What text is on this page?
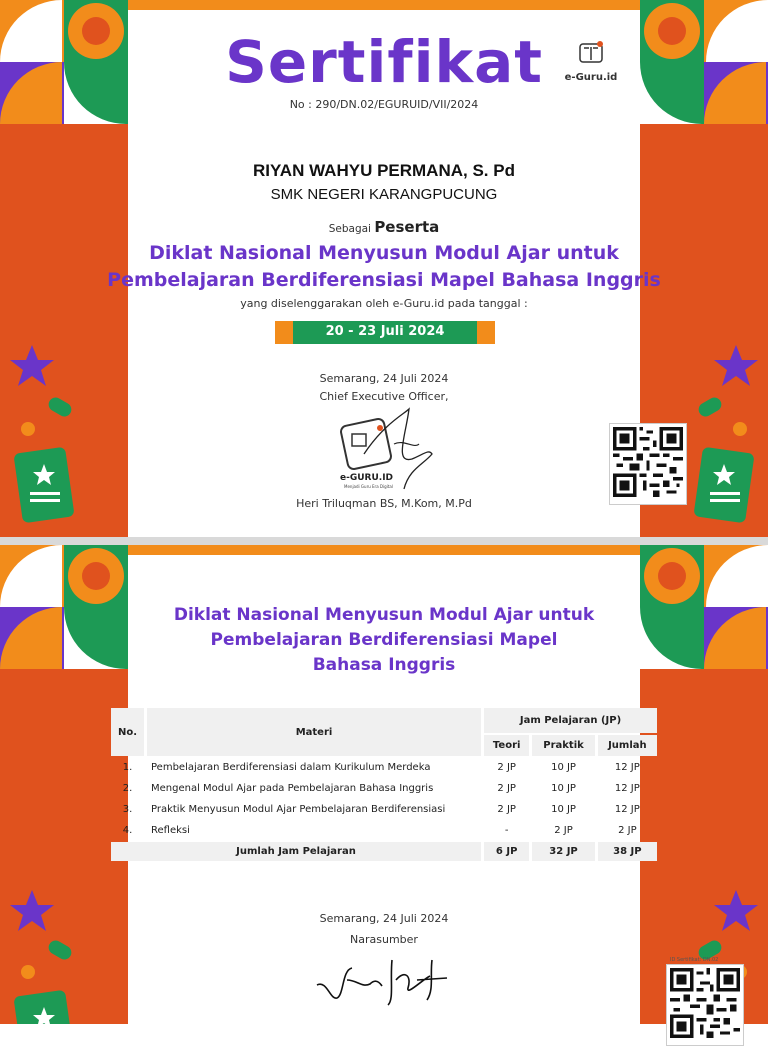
Sertifikat	e-Guru.id
No : 290/DN.02/EGURUID/VII/2024
RIYAN WAHYU PERMANA, S. Pd
SMK NEGERI KARANGPUCUNG
Sebagai Peserta
Diklat Nasional Menyusun Modul Ajar untuk
Pembelajaran Berdiferensiasi Mapel Bahasa Inggris
yang diselenggarakan oleh e-Guru.id pada tanggal :
20 - 23 Juli 2024
Semarang, 24 Juli 2024
Chief Executive Officer,
e-GURU.ID
Menjadi Guru Era Digital
Heri Triluqman BS, M.Kom, M.Pd
Diklat Nasional Menyusun Modul Ajar untuk
Pembelajaran Berdiferensiasi Mapel
Bahasa Inggris
No.	Materi	Jam Pelajaran (JP)		
		Teori	Praktik	Jumlah
1.	Pembelajaran Berdiferensiasi dalam Kurikulum Merdeka	2 JP	10 JP	12 JP
2.	Mengenal Modul Ajar pada Pembelajaran Bahasa Inggris	2 JP	10 JP	12 JP
3.	Praktik Menyusun Modul Ajar Pembelajaran Berdiferensiasi	2 JP	10 JP	12 JP
4.	Refleksi	-	2 JP	2 JP
Jumlah Jam Pelajaran		6 JP	32 JP	38 JP
Semarang, 24 Juli 2024
Narasumber
ID Sertifikat: DN.02
